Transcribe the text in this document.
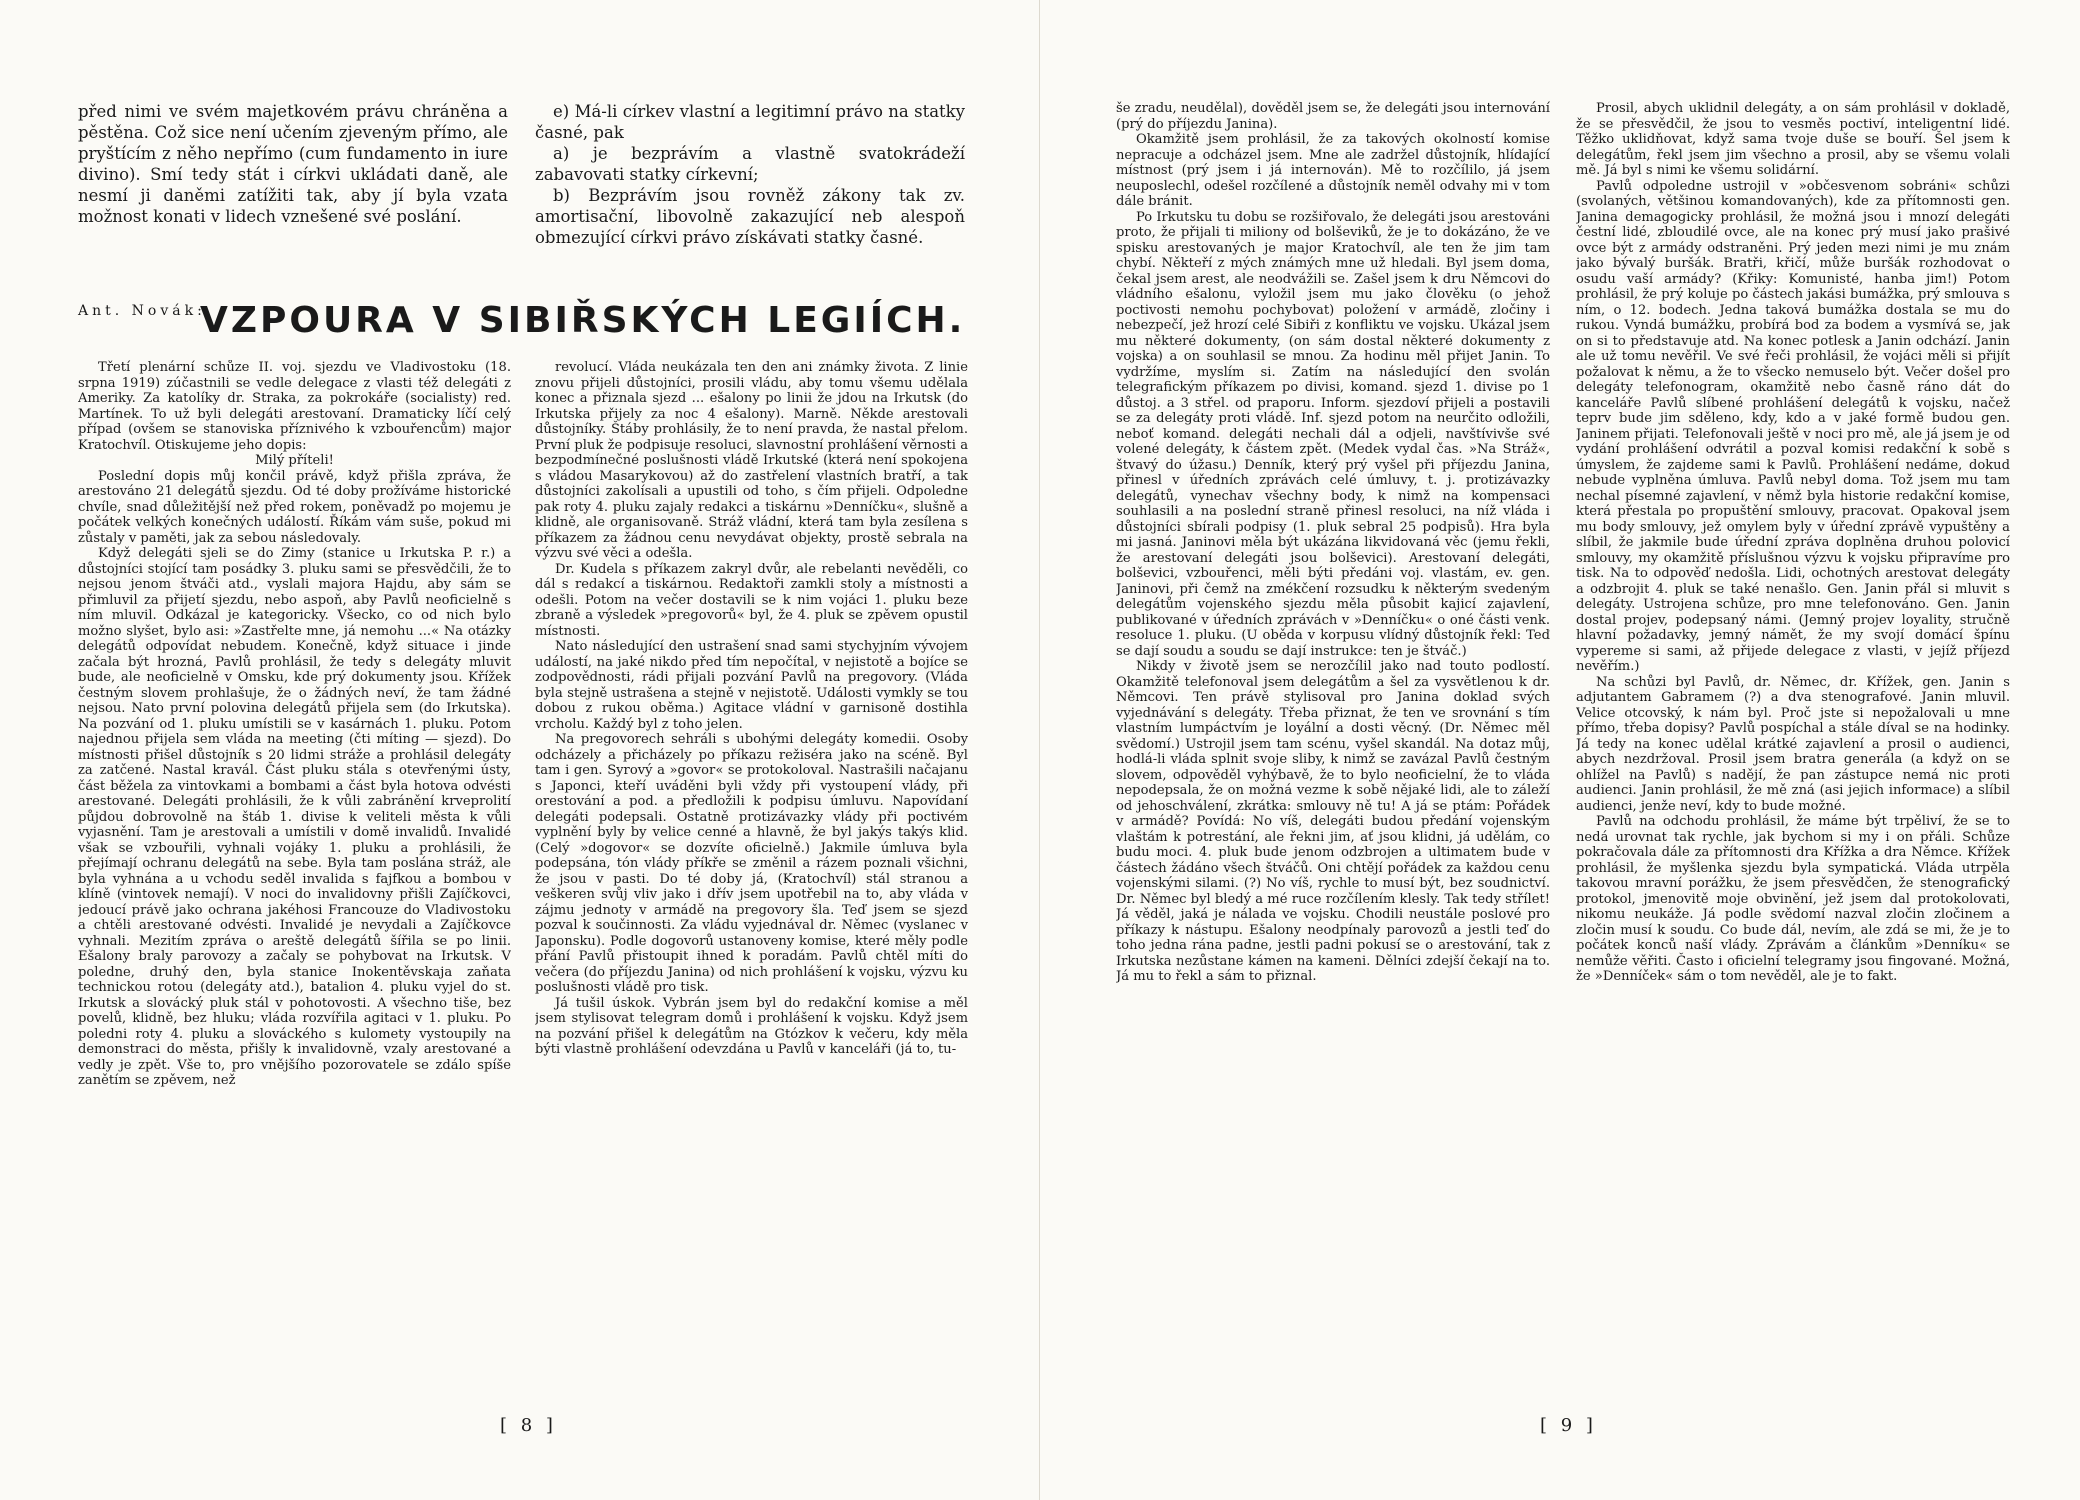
před nimi ve svém majetkovém právu chráněna a pěstěna. Což sice není učením zjeveným přímo, ale pryštícím z něho nepřímo (cum fundamento in iure divino). Smí tedy stát i církvi ukládati daně, ale nesmí ji daněmi zatížiti tak, aby jí byla vzata možnost konati v lidech vznešené své poslání.

e) Má-li církev vlastní a legitimní právo na statky časné, pak

a) je bezprávím a vlastně svatokrádeží zabavovati statky církevní;

b) Bezprávím jsou rovněž zákony tak zv. amortisační, libovolně zakazující neb alespoň obmezující církvi právo získávati statky časné.

Ant. Novák:
VZPOURA V SIBIŘSKÝCH LEGIÍCH.

Třetí plenární schůze II. voj. sjezdu ve Vladivostoku (18. srpna 1919) zúčastnili se vedle delegace z vlasti též delegáti z Ameriky. Za katolíky dr. Straka, za pokrokáře (socialisty) red. Martínek. To už byli delegáti arestovaní. Dramaticky líčí celý případ (ovšem se stanoviska příznivého k vzbouřencům) major Kratochvíl. Otiskujeme jeho dopis:

Milý příteli!

Poslední dopis můj končil právě, když přišla zpráva, že arestováno 21 delegátů sjezdu. Od té doby prožíváme historické chvíle, snad důležitější než před rokem, poněvadž po mojemu je počátek velkých konečných událostí. Říkám vám suše, pokud mi zůstaly v paměti, jak za sebou následovaly.

Když delegáti sjeli se do Zimy (stanice u Irkutska P. r.) a důstojníci stojící tam posádky 3. pluku sami se přesvědčili, že to nejsou jenom štváči atd., vyslali majora Hajdu, aby sám se přimluvil za přijetí sjezdu, nebo aspoň, aby Pavlů neoficielně s ním mluvil. Odkázal je kategoricky. Všecko, co od nich bylo možno slyšet, bylo asi: »Zastřelte mne, já nemohu ...« Na otázky delegátů odpovídat nebudem. Konečně, když situace i jinde začala být hrozná, Pavlů prohlásil, že tedy s delegáty mluvit bude, ale neoficielně v Omsku, kde prý dokumenty jsou. Křížek čestným slovem prohlašuje, že o žádných neví, že tam žádné nejsou. Nato první polovina delegátů přijela sem (do Irkutska). Na pozvání od 1. pluku umístili se v kasárnách 1. pluku. Potom najednou přijela sem vláda na meeting (čti míting — sjezd). Do místnosti přišel důstojník s 20 lidmi stráže a prohlásil delegáty za zatčené. Nastal kravál. Část pluku stála s otevřenými ústy, část běžela za vintovkami a bombami a část byla hotova odvésti arestované. Delegáti prohlásili, že k vůli zabránění krveprolití půjdou dobrovolně na štáb 1. divise k veliteli města k vůli vyjasnění. Tam je arestovali a umístili v domě invalidů. Invalidé však se vzbouřili, vyhnali vojáky 1. pluku a prohlásili, že přejímají ochranu delegátů na sebe. Byla tam poslána stráž, ale byla vyhnána a u vchodu seděl invalida s fajfkou a bombou v klíně (vintovek nemají). V noci do invalidovny přišli Zajíčkovci, jedoucí právě jako ochrana jakéhosi Francouze do Vladivostoku a chtěli arestované odvésti. Invalidé je nevydali a Zajíčkovce vyhnali. Mezitím zpráva o areště delegátů šířila se po linii. Ešalony braly parovozy a začaly se pohybovat na Irkutsk. V poledne, druhý den, byla stanice Inokentěvskaja zaňata technickou rotou (delegáty atd.), batalion 4. pluku vyjel do st. Irkutsk a slovácký pluk stál v pohotovosti. A všechno tiše, bez povelů, klidně, bez hluku; vláda rozvířila agitaci v 1. pluku. Po poledni roty 4. pluku a slováckého s kulomety vystoupily na demonstraci do města, přišly k invalidovně, vzaly arestované a vedly je zpět. Vše to, pro vnějšího pozorovatele se zdálo spíše zanětím se zpěvem, než

revolucí. Vláda neukázala ten den ani známky života. Z linie znovu přijeli důstojníci, prosili vládu, aby tomu všemu udělala konec a přiznala sjezd ... ešalony po linii že jdou na Irkutsk (do Irkutska přijely za noc 4 ešalony). Marně. Někde arestovali důstojníky. Štáby prohlásily, že to není pravda, že nastal přelom. První pluk že podpisuje resoluci, slavnostní prohlášení věrnosti a bezpodmínečné poslušnosti vládě Irkutské (která není spokojena s vládou Masarykovou) až do zastřelení vlastních bratří, a tak důstojníci zakolísali a upustili od toho, s čím přijeli. Odpoledne pak roty 4. pluku zajaly redakci a tiskárnu »Denníčku«, slušně a klidně, ale organisovaně. Stráž vládní, která tam byla zesílena s příkazem za žádnou cenu nevydávat objekty, prostě sebrala na výzvu své věci a odešla.

Dr. Kudela s příkazem zakryl dvůr, ale rebelanti nevěděli, co dál s redakcí a tiskárnou. Redaktoři zamkli stoly a místnosti a odešli. Potom na večer dostavili se k nim vojáci 1. pluku beze zbraně a výsledek »pregovorů« byl, že 4. pluk se zpěvem opustil místnosti.

Nato následující den ustrašení snad sami stychyjním vývojem událostí, na jaké nikdo před tím nepočítal, v nejistotě a bojíce se zodpovědnosti, rádi přijali pozvání Pavlů na pregovory. (Vláda byla stejně ustrašena a stejně v nejistotě. Události vymkly se tou dobou z rukou oběma.) Agitace vládní v garnisoně dostihla vrcholu. Každý byl z toho jelen.

Na pregovorech sehráli s ubohými delegáty komedii. Osoby odcházely a přicházely po příkazu režiséra jako na scéně. Byl tam i gen. Syrový a »govor« se protokoloval. Nastrašili načajanu s Japonci, kteří uváděni byli vždy při vystoupení vlády, při orestování a pod. a předložili k podpisu úmluvu. Napovídaní delegáti podepsali. Ostatně protizávazky vlády při poctivém vyplnění byly by velice cenné a hlavně, že byl jakýs takýs klid. (Celý »dogovor« se dozvíte oficielně.) Jakmile úmluva byla podepsána, tón vlády příkře se změnil a rázem poznali všichni, že jsou v pasti. Do té doby já, (Kratochvíl) stál stranou a veškeren svůj vliv jako i dřív jsem upotřebil na to, aby vláda v zájmu jednoty v armádě na pregovory šla. Teď jsem se sjezd pozval k součinnosti. Za vládu vyjednával dr. Němec (vyslanec v Japonsku). Podle dogovorů ustanoveny komise, které měly podle přání Pavlů přistoupit ihned k poradám. Pavlů chtěl míti do večera (do příjezdu Janina) od nich prohlášení k vojsku, výzvu ku poslušnosti vládě pro tisk.

Já tušil úskok. Vybrán jsem byl do redakční komise a měl jsem stylisovat telegram domů i prohlášení k vojsku. Když jsem na pozvání přišel k delegátům na Gtózkov k večeru, kdy měla býti vlastně prohlášení odevzdána u Pavlů v kanceláři (já to, tu-

[ 8 ]

še zradu, neudělal), dověděl jsem se, že delegáti jsou internování (prý do příjezdu Janina).

Okamžitě jsem prohlásil, že za takových okolností komise nepracuje a odcházel jsem. Mne ale zadržel důstojník, hlídající místnost (prý jsem i já internován). Mě to rozčílilo, já jsem neuposlechl, odešel rozčílené a důstojník neměl odvahy mi v tom dále bránit.

Po Irkutsku tu dobu se rozšiřovalo, že delegáti jsou arestováni proto, že přijali ti miliony od bolševiků, že je to dokázáno, že ve spisku arestovaných je major Kratochvíl, ale ten že jim tam chybí. Někteří z mých známých mne už hledali. Byl jsem doma, čekal jsem arest, ale neodvážili se. Zašel jsem k dru Němcovi do vládního ešalonu, vyložil jsem mu jako člověku (o jehož poctivosti nemohu pochybovat) položení v armádě, zločiny i nebezpečí, jež hrozí celé Sibiři z konfliktu ve vojsku. Ukázal jsem mu některé dokumenty, (on sám dostal některé dokumenty z vojska) a on souhlasil se mnou. Za hodinu měl přijet Janin. To vydržíme, myslím si. Zatím na následující den svolán telegrafickým příkazem po divisi, komand. sjezd 1. divise po 1 důstoj. a 3 střel. od praporu. Inform. sjezdoví přijeli a postavili se za delegáty proti vládě. Inf. sjezd potom na neurčito odložili, neboť komand. delegáti nechali dál a odjeli, navštívivše své volené delegáty, k částem zpět. (Medek vydal čas. »Na Stráž«, štvavý do úžasu.) Denník, který prý vyšel při příjezdu Janina, přinesl v úředních zprávách celé úmluvy, t. j. protizávazky delegátů, vynechav všechny body, k nimž na kompensaci souhlasili a na poslední straně přinesl resoluci, na níž vláda i důstojníci sbírali podpisy (1. pluk sebral 25 podpisů). Hra byla mi jasná. Janinovi měla být ukázána likvidovaná věc (jemu řekli, že arestovaní delegáti jsou bolševici). Arestovaní delegáti, bolševici, vzbouřenci, měli býti předáni voj. vlastám, ev. gen. Janinovi, při čemž na zmékčení rozsudku k některým svedeným delegátům vojenského sjezdu měla působit kajicí zajavlení, publikované v úředních zprávách v »Denníčku« o oné části venk. resoluce 1. pluku. (U oběda v korpusu vlídný důstojník řekl: Teď se dají soudu a soudu se dají instrukce: ten je štváč.)

Nikdy v životě jsem se nerozčílil jako nad touto podlostí. Okamžitě telefonoval jsem delegátům a šel za vysvětlenou k dr. Němcovi. Ten právě stylisoval pro Janina doklad svých vyjednávání s delegáty. Třeba přiznat, že ten ve srovnání s tím vlastním lumpáctvím je loyální a dosti věcný. (Dr. Němec měl svědomí.) Ustrojil jsem tam scénu, vyšel skandál. Na dotaz můj, hodlá-li vláda splnit svoje sliby, k nimž se zavázal Pavlů čestným slovem, odpověděl vyhýbavě, že to bylo neoficielní, že to vláda nepodepsala, že on možná vezme k sobě nějaké lidi, ale to záleží od jehoschválení, zkrátka: smlouvy ně tu! A já se ptám: Pořádek v armádě? Povídá: No víš, delegáti budou předání vojenským vlaštám k potrestání, ale řekni jim, ať jsou klidni, já udělám, co budu moci. 4. pluk bude jenom odzbrojen a ultimatem bude v částech žádáno všech štváčů. Oni chtějí pořádek za každou cenu vojenskými silami. (?) No víš, rychle to musí být, bez soudnictví. Dr. Němec byl bledý a mé ruce rozčílením klesly. Tak tedy střílet! Já věděl, jaká je nálada ve vojsku. Chodili neustále poslové pro příkazy k nástupu. Ešalony neodpínaly parovozů a jestli teď do toho jedna rána padne, jestli padni pokusí se o arestování, tak z Irkutska nezůstane kámen na kameni. Dělníci zdejší čekají na to. Já mu to řekl a sám to přiznal.

Prosil, abych uklidnil delegáty, a on sám prohlásil v dokladě, že se přesvědčil, že jsou to vesměs poctiví, inteligentní lidé. Těžko uklidňovat, když sama tvoje duše se bouří. Šel jsem k delegátům, řekl jsem jim všechno a prosil, aby se všemu volali mě. Já byl s nimi ke všemu solidární.

Pavlů odpoledne ustrojil v »občesvenom sobráni« schůzi (svolaných, většinou komandovaných), kde za přítomnosti gen. Janina demagogicky prohlásil, že možná jsou i mnozí delegáti čestní lidé, zbloudilé ovce, ale na konec prý musí jako prašivé ovce být z armády odstraněni. Prý jeden mezi nimi je mu znám jako bývalý buršák. Bratři, křičí, může buršák rozhodovat o osudu vaší armády? (Křiky: Komunisté, hanba jim!) Potom prohlásil, že prý koluje po částech jakási bumážka, prý smlouva s ním, o 12. bodech. Jedna taková bumážka dostala se mu do rukou. Vyndá bumážku, probírá bod za bodem a vysmívá se, jak on si to představuje atd. Na konec potlesk a Janin odchází. Janin ale už tomu nevěřil. Ve své řeči prohlásil, že vojáci měli si přijít požalovat k němu, a že to všecko nemuselo být. Večer došel pro delegáty telefonogram, okamžitě nebo časně ráno dát do kanceláře Pavlů slíbené prohlášení delegátů k vojsku, načež teprv bude jim sděleno, kdy, kdo a v jaké formě budou gen. Janinem přijati. Telefonovali ještě v noci pro mě, ale já jsem je od vydání prohlášení odvrátil a pozval komisi redakční k sobě s úmyslem, že zajdeme sami k Pavlů. Prohlášení nedáme, dokud nebude vyplněna úmluva. Pavlů nebyl doma. Tož jsem mu tam nechal písemné zajavlení, v němž byla historie redakční komise, která přestala po propuštění smlouvy, pracovat. Opakoval jsem mu body smlouvy, jež omylem byly v úřední zprávě vypuštěny a slíbil, že jakmile bude úřední zpráva doplněna druhou polovicí smlouvy, my okamžitě příslušnou výzvu k vojsku připravíme pro tisk. Na to odpověď nedošla. Lidi, ochotných arestovat delegáty a odzbrojit 4. pluk se také nenašlo. Gen. Janin přál si mluvit s delegáty. Ustrojena schůze, pro mne telefonováno. Gen. Janin dostal projev, podepsaný námi. (Jemný projev loyality, stručně hlavní požadavky, jemný námět, že my svojí domácí špínu vypereme si sami, až přijede delegace z vlasti, v jejíž příjezd nevěřím.)

Na schůzi byl Pavlů, dr. Němec, dr. Křížek, gen. Janin s adjutantem Gabramem (?) a dva stenografové. Janin mluvil. Velice otcovský, k nám byl. Proč jste si nepožalovali u mne přímo, třeba dopisy? Pavlů pospíchal a stále díval se na hodinky. Já tedy na konec udělal krátké zajavlení a prosil o audienci, abych nezdržoval. Prosil jsem bratra generála (a když on se ohlížel na Pavlů) s nadějí, že pan zástupce nemá nic proti audienci. Janin prohlásil, že mě zná (asi jejich informace) a slíbil audienci, jenže neví, kdy to bude možné.

Pavlů na odchodu prohlásil, že máme být trpěliví, že se to nedá urovnat tak rychle, jak bychom si my i on přáli. Schůze pokračovala dále za přítomnosti dra Křížka a dra Němce. Křížek prohlásil, že myšlenka sjezdu byla sympatická. Vláda utrpěla takovou mravní porážku, že jsem přesvědčen, že stenografický protokol, jmenovitě moje obvinění, jež jsem dal protokolovati, nikomu neukáže. Já podle svědomí nazval zločin zločinem a zločin musí k soudu. Co bude dál, nevím, ale zdá se mi, že je to počátek konců naší vlády. Zprávám a článkům »Denníku« se nemůže věřiti. Často i oficielní telegramy jsou fingované. Možná, že »Denníček« sám o tom nevěděl, ale je to fakt.

[ 9 ]
